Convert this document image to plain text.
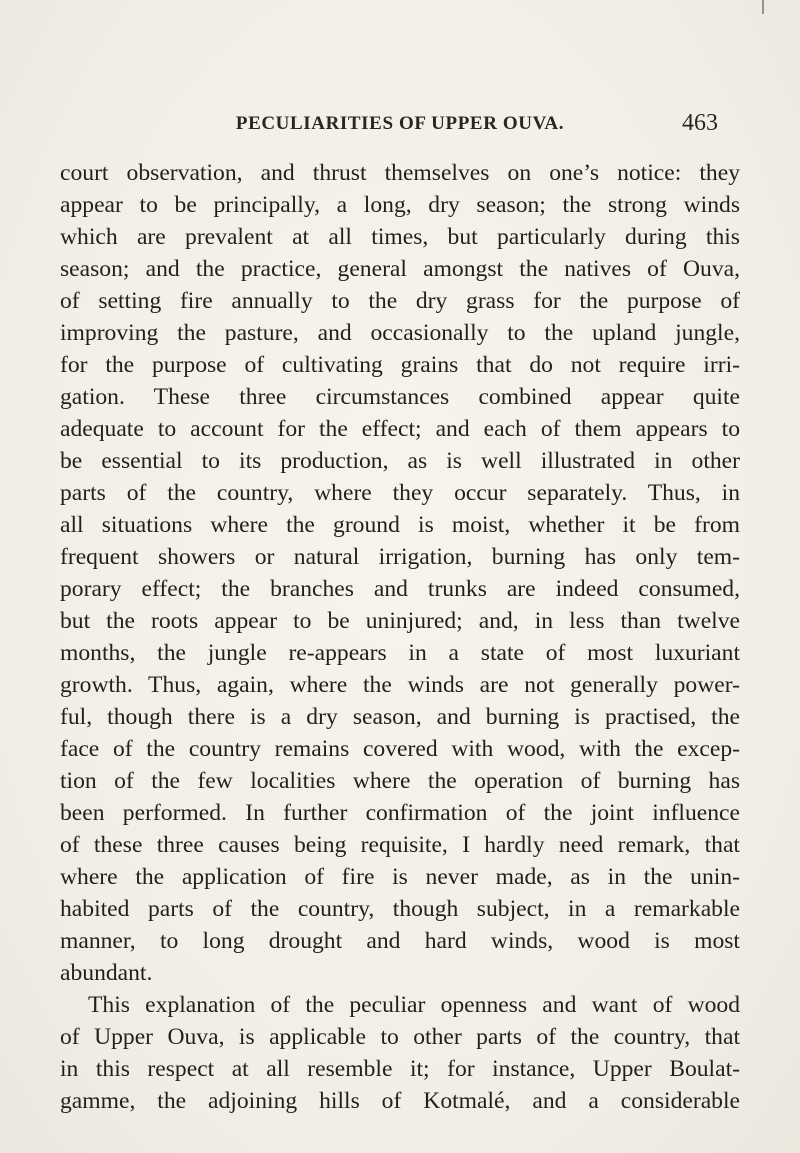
PECULIARITIES OF UPPER OUVA.	463
court observation, and thrust themselves on one’s notice: they
appear to be principally, a long, dry season; the strong winds
which are prevalent at all times, but particularly during this
season; and the practice, general amongst the natives of Ouva,
of setting fire annually to the dry grass for the purpose of
improving the pasture, and occasionally to the upland jungle,
for the purpose of cultivating grains that do not require irri-
gation. These three circumstances combined appear quite
adequate to account for the effect; and each of them appears to
be essential to its production, as is well illustrated in other
parts of the country, where they occur separately. Thus, in
all situations where the ground is moist, whether it be from
frequent showers or natural irrigation, burning has only tem-
porary effect; the branches and trunks are indeed consumed,
but the roots appear to be uninjured; and, in less than twelve
months, the jungle re-appears in a state of most luxuriant
growth. Thus, again, where the winds are not generally power-
ful, though there is a dry season, and burning is practised, the
face of the country remains covered with wood, with the excep-
tion of the few localities where the operation of burning has
been performed. In further confirmation of the joint influence
of these three causes being requisite, I hardly need remark, that
where the application of fire is never made, as in the unin-
habited parts of the country, though subject, in a remarkable
manner, to long drought and hard winds, wood is most
abundant.
This explanation of the peculiar openness and want of wood
of Upper Ouva, is applicable to other parts of the country, that
in this respect at all resemble it; for instance, Upper Boulat-
gamme, the adjoining hills of Kotmalé, and a considerable
